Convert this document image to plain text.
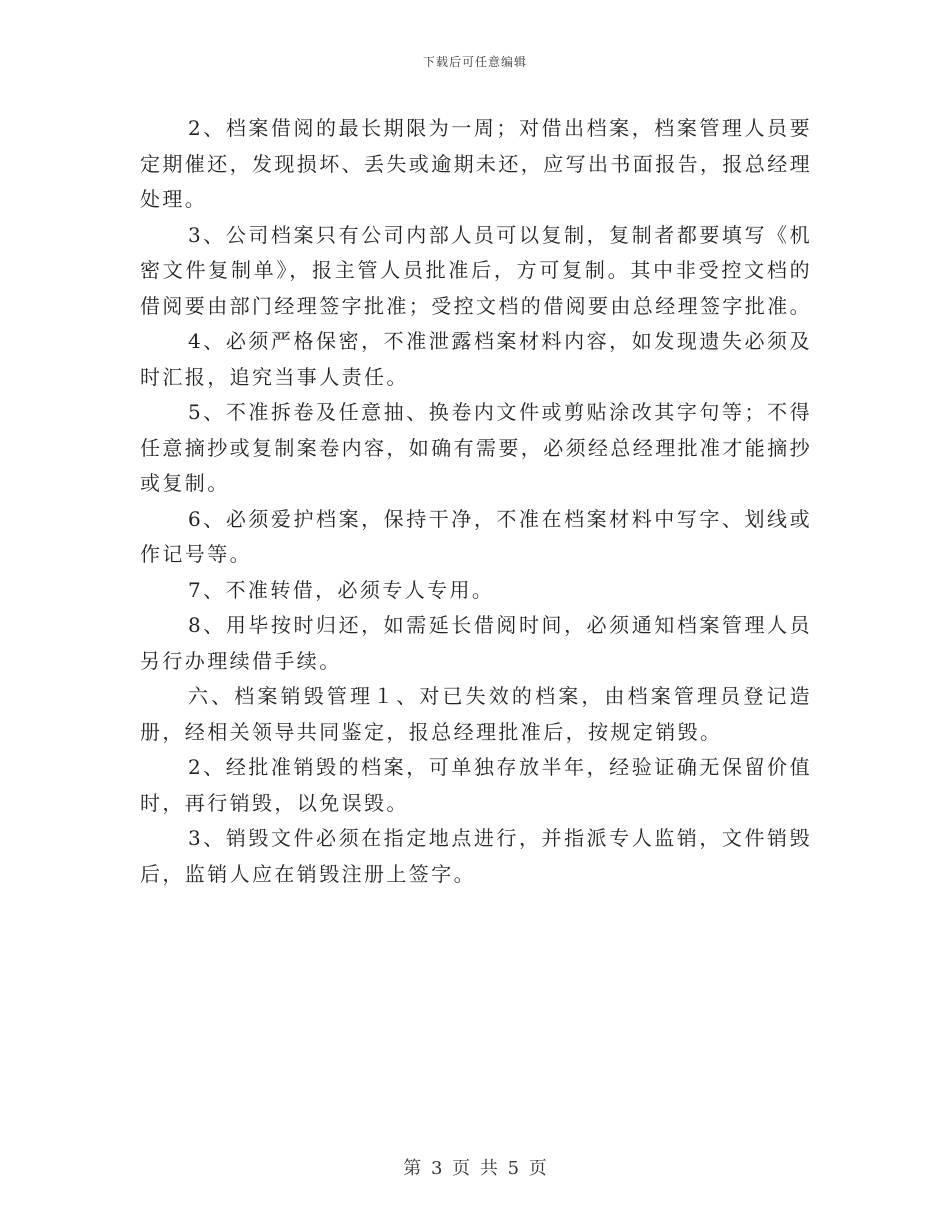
下载后可任意编辑

2、档案借阅的最长期限为一周；对借出档案，档案管理人员要定期催还，发现损坏、丢失或逾期未还，应写出书面报告，报总经理处理。

3、公司档案只有公司内部人员可以复制，复制者都要填写《机密文件复制单》，报主管人员批准后，方可复制。其中非受控文档的借阅要由部门经理签字批准；受控文档的借阅要由总经理签字批准。

4、必须严格保密，不准泄露档案材料内容，如发现遗失必须及时汇报，追究当事人责任。

5、不准拆卷及任意抽、换卷内文件或剪贴涂改其字句等；不得任意摘抄或复制案卷内容，如确有需要，必须经总经理批准才能摘抄或复制。

6、必须爱护档案，保持干净，不准在档案材料中写字、划线或作记号等。

7、不准转借，必须专人专用。

8、用毕按时归还，如需延长借阅时间，必须通知档案管理人员另行办理续借手续。

六、档案销毁管理１、对已失效的档案，由档案管理员登记造册，经相关领导共同鉴定，报总经理批准后，按规定销毁。

2、经批准销毁的档案，可单独存放半年，经验证确无保留价值时，再行销毁，以免误毁。

3、销毁文件必须在指定地点进行，并指派专人监销，文件销毁后，监销人应在销毁注册上签字。

第 3 页 共 5 页
